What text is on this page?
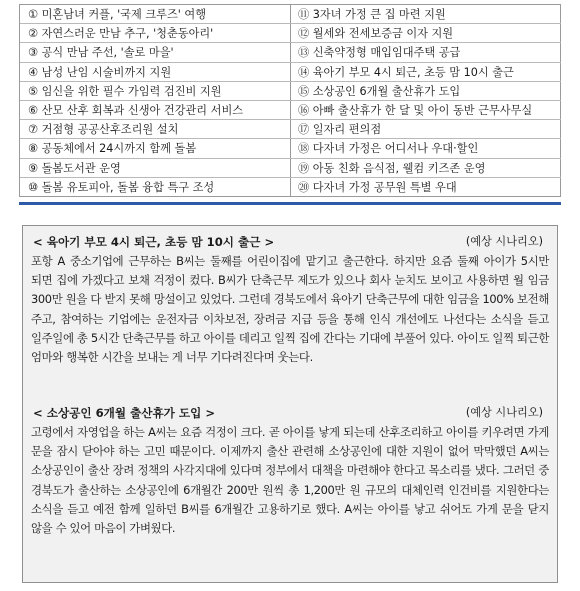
① 미혼남녀 커플, '국제 크루즈' 여행
② 자연스러운 만남 추구, '청춘동아리'
③ 공식 만남 주선, '솔로 마을'
④ 남성 난임 시술비까지 지원
⑤ 임신을 위한 필수 가임력 검진비 지원
⑥ 산모 산후 회복과 신생아 건강관리 서비스
⑦ 거점형 공공산후조리원 설치
⑧ 공동체에서 24시까지 함께 돌봄
⑨ 돌봄도서관 운영
⑩ 돌봄 유토피아, 돌봄 융합 특구 조성
⑪ 3자녀 가정 큰 집 마련 지원
⑫ 월세와 전세보증금 이자 지원
⑬ 신축약정형 매입임대주택 공급
⑭ 육아기 부모 4시 퇴근, 초등 맘 10시 출근
⑮ 소상공인 6개월 출산휴가 도입
⑯ 아빠 출산휴가 한 달 및 아이 동반 근무사무실
⑰ 일자리 편의점
⑱ 다자녀 가정은 어디서나 우대·할인
⑲ 아동 친화 음식점, 웰컴 키즈존 운영
⑳ 다자녀 가정 공무원 특별 우대
< 육아기 부모 4시 퇴근, 초등 맘 10시 출근 >	(예상 시나리오)
포항 A 중소기업에 근무하는 B씨는 둘째를 어린이집에 맡기고 출근한다. 하지만 요즘 둘째 아이가 5시만 되면 집에 가겠다고 보채 걱정이 컸다. B씨가 단축근무 제도가 있으나 회사 눈치도 보이고 사용하면 월 임금 300만 원을 다 받지 못해 망설이고 있었다. 그런데 경북도에서 육아기 단축근무에 대한 임금을 100% 보전해 주고, 참여하는 기업에는 운전자금 이차보전, 장려금 지급 등을 통해 인식 개선에도 나선다는 소식을 듣고 일주일에 총 5시간 단축근무를 하고 아이를 데리고 일찍 집에 간다는 기대에 부풀어 있다. 아이도 일찍 퇴근한 엄마와 행복한 시간을 보내는 게 너무 기다려진다며 웃는다.
< 소상공인 6개월 출산휴가 도입 >	(예상 시나리오)
고령에서 자영업을 하는 A씨는 요즘 걱정이 크다. 곧 아이를 낳게 되는데 산후조리하고 아이를 키우려면 가게 문을 잠시 닫아야 하는 고민 때문이다. 이제까지 출산 관련해 소상공인에 대한 지원이 없어 막막했던 A씨는 소상공인이 출산 장려 정책의 사각지대에 있다며 정부에서 대책을 마련해야 한다고 목소리를 냈다. 그러던 중 경북도가 출산하는 소상공인에 6개월간 200만 원씩 총 1,200만 원 규모의 대체인력 인건비를 지원한다는 소식을 듣고 예전 함께 일하던 B씨를 6개월간 고용하기로 했다. A씨는 아이를 낳고 쉬어도 가게 문을 닫지 않을 수 있어 마음이 가벼웠다.
